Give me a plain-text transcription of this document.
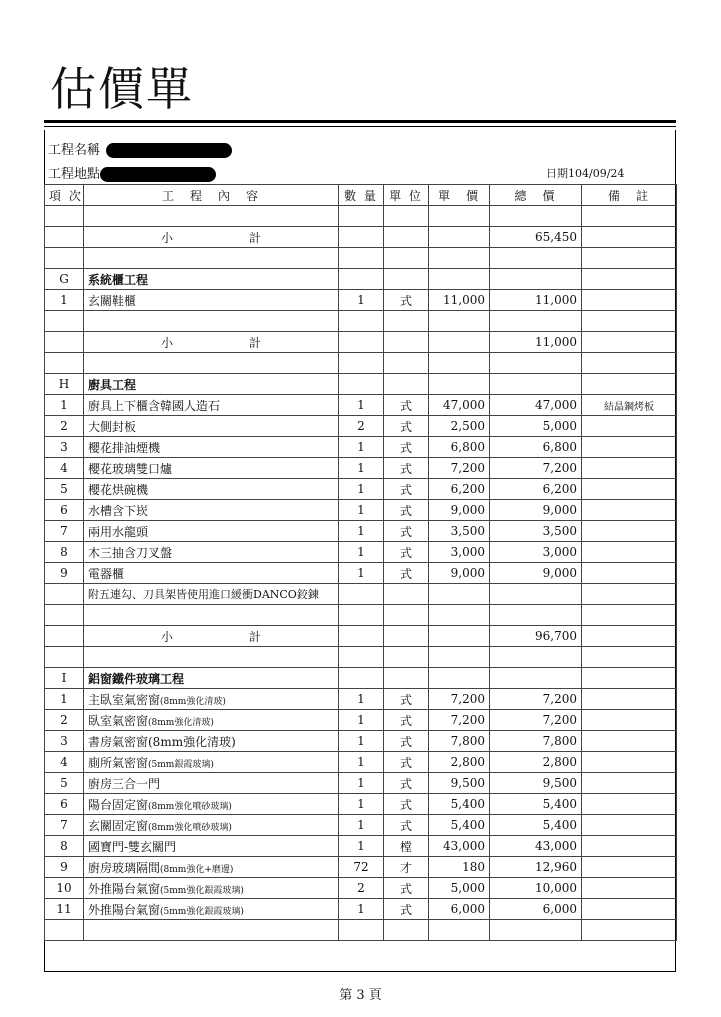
估價單
工程名稱
工程地點	日期104/09/24
項 次	工　程　內　容	數 量	單 位	單　價	總　價	備　註

	小　　　計				65,450	

G	系統櫃工程					
1	玄關鞋櫃	1	式	11,000	11,000	

	小　　　計				11,000	

H	廚具工程					
1	廚具上下櫃含韓國人造石	1	式	47,000	47,000	結晶鋼烤板
2	大側封板	2	式	2,500	5,000	
3	櫻花排油煙機	1	式	6,800	6,800	
4	櫻花玻璃雙口爐	1	式	7,200	7,200	
5	櫻花烘碗機	1	式	6,200	6,200	
6	水槽含下崁	1	式	9,000	9,000	
7	兩用水龍頭	1	式	3,500	3,500	
8	木三抽含刀叉盤	1	式	3,000	3,000	
9	電器櫃	1	式	9,000	9,000	
	附五連勾、刀具架皆使用進口緩衝DANCO鉸鍊					

	小　　　計				96,700	

I	鋁窗鐵件玻璃工程					
1	主臥室氣密窗(8mm強化清玻)	1	式	7,200	7,200	
2	臥室氣密窗(8mm強化清玻)	1	式	7,200	7,200	
3	書房氣密窗(8mm強化清玻)	1	式	7,800	7,800	
4	廁所氣密窗(5mm銀霞玻璃)	1	式	2,800	2,800	
5	廚房三合一門	1	式	9,500	9,500	
6	陽台固定窗(8mm強化噴砂玻璃)	1	式	5,400	5,400	
7	玄關固定窗(8mm強化噴砂玻璃)	1	式	5,400	5,400	
8	國寶門-雙玄關門	1	樘	43,000	43,000	
9	廚房玻璃隔間(8mm強化+磨邊)	72	才	180	12,960	
10	外推陽台氣窗(5mm強化銀霞玻璃)	2	式	5,000	10,000	
11	外推陽台氣窗(5mm強化銀霞玻璃)	1	式	6,000	6,000	

第 3 頁
